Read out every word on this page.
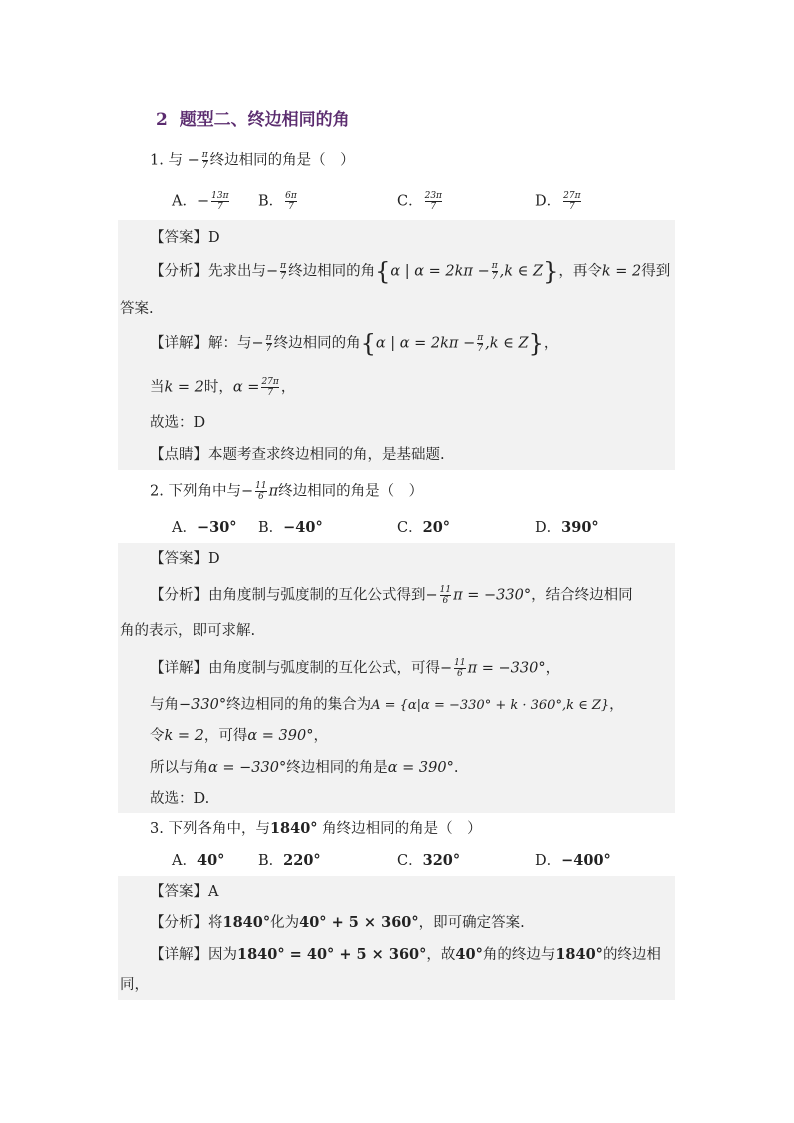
2 题型二、终边相同的角
1. 与 − $\frac{\pi}{7}$ 终边相同的角是（　）
A．− $\frac{13\pi}{7}$ B． $\frac{6\pi}{7}$	C． $\frac{23\pi}{7}$	D． $\frac{27\pi}{7}$
【答案】D
【分析】先求出与− $\frac{\pi}{7}$ 终边相同的角{α | $\alpha = 2k\pi - \frac{\pi}{7} ,k$ ∈ Z}，再令k = 2得到
答案.
【详解】解：与− $\frac{\pi}{7}$ 终边相同的角{α | $\alpha = 2k\pi - \frac{\pi}{7} ,k$ ∈ Z}，
当k = 2时，$\alpha = \frac{27\pi}{7}$ ，
故选：D
【点睛】本题考查求终边相同的角，是基础题.
2. 下列角中与− $\frac{11}{6}$ π终边相同的角是（　）
A．−30° B．−40°	C．20°	D．390°
【答案】D
【分析】由角度制与弧度制的互化公式得到− $\frac{11}{6}$ π = −330°，结合终边相同
角的表示，即可求解.
【详解】由角度制与弧度制的互化公式，可得− $\frac{11}{6}$ π = −330°，
与角−330°终边相同的角的集合为A = {α|α = −330° + k · 360°,k ∈ Z}，
令k = 2，可得α = 390°，
所以与角α = −330°终边相同的角是α = 390°.
故选：D.
3. 下列各角中，与1840° 角终边相同的角是（　）
A．40° B．220°	C．320°	D．−400°
【答案】A
【分析】将1840°化为40° + 5 × 360°，即可确定答案.
【详解】因为1840° = 40° + 5 × 360°，故40°角的终边与1840°的终边相
同，
